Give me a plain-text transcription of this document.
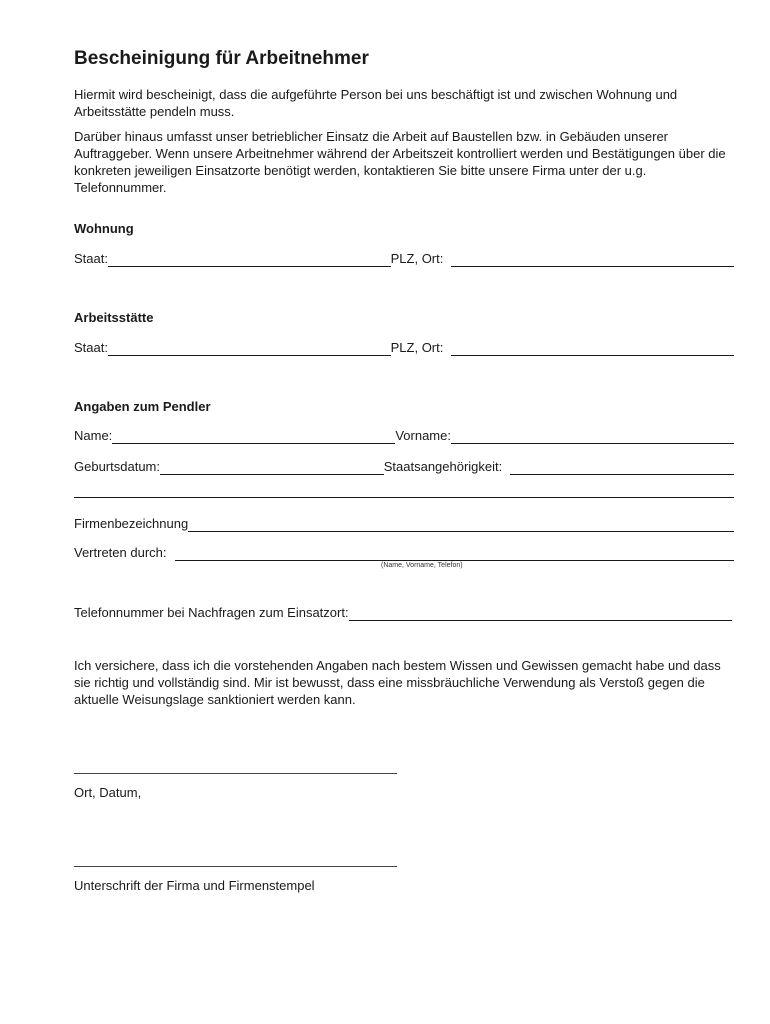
Bescheinigung für Arbeitnehmer

Hiermit wird bescheinigt, dass die aufgeführte Person bei uns beschäftigt ist und zwischen Wohnung und Arbeitsstätte pendeln muss.

Darüber hinaus umfasst unser betrieblicher Einsatz die Arbeit auf Baustellen bzw. in Gebäuden unserer Auftraggeber. Wenn unsere Arbeitnehmer während der Arbeitszeit kontrolliert werden und Bestätigungen über die konkreten jeweiligen Einsatzorte benötigt werden, kontaktieren Sie bitte unsere Firma unter der u.g. Telefonnummer.

Wohnung
Staat:	PLZ, Ort:
Arbeitsstätte
Staat:	PLZ, Ort:
Angaben zum Pendler
Name:	Vorname:
Geburtsdatum:	Staatsangehörigkeit:
Firmenbezeichnung
Vertreten durch:
(Name, Vorname, Telefon)
Telefonnummer bei Nachfragen zum Einsatzort:

Ich versichere, dass ich die vorstehenden Angaben nach bestem Wissen und Gewissen gemacht habe und dass sie richtig und vollständig sind. Mir ist bewusst, dass eine missbräuchliche Verwendung als Verstoß gegen die aktuelle Weisungslage sanktioniert werden kann.

Ort, Datum,
Unterschrift der Firma und Firmenstempel
